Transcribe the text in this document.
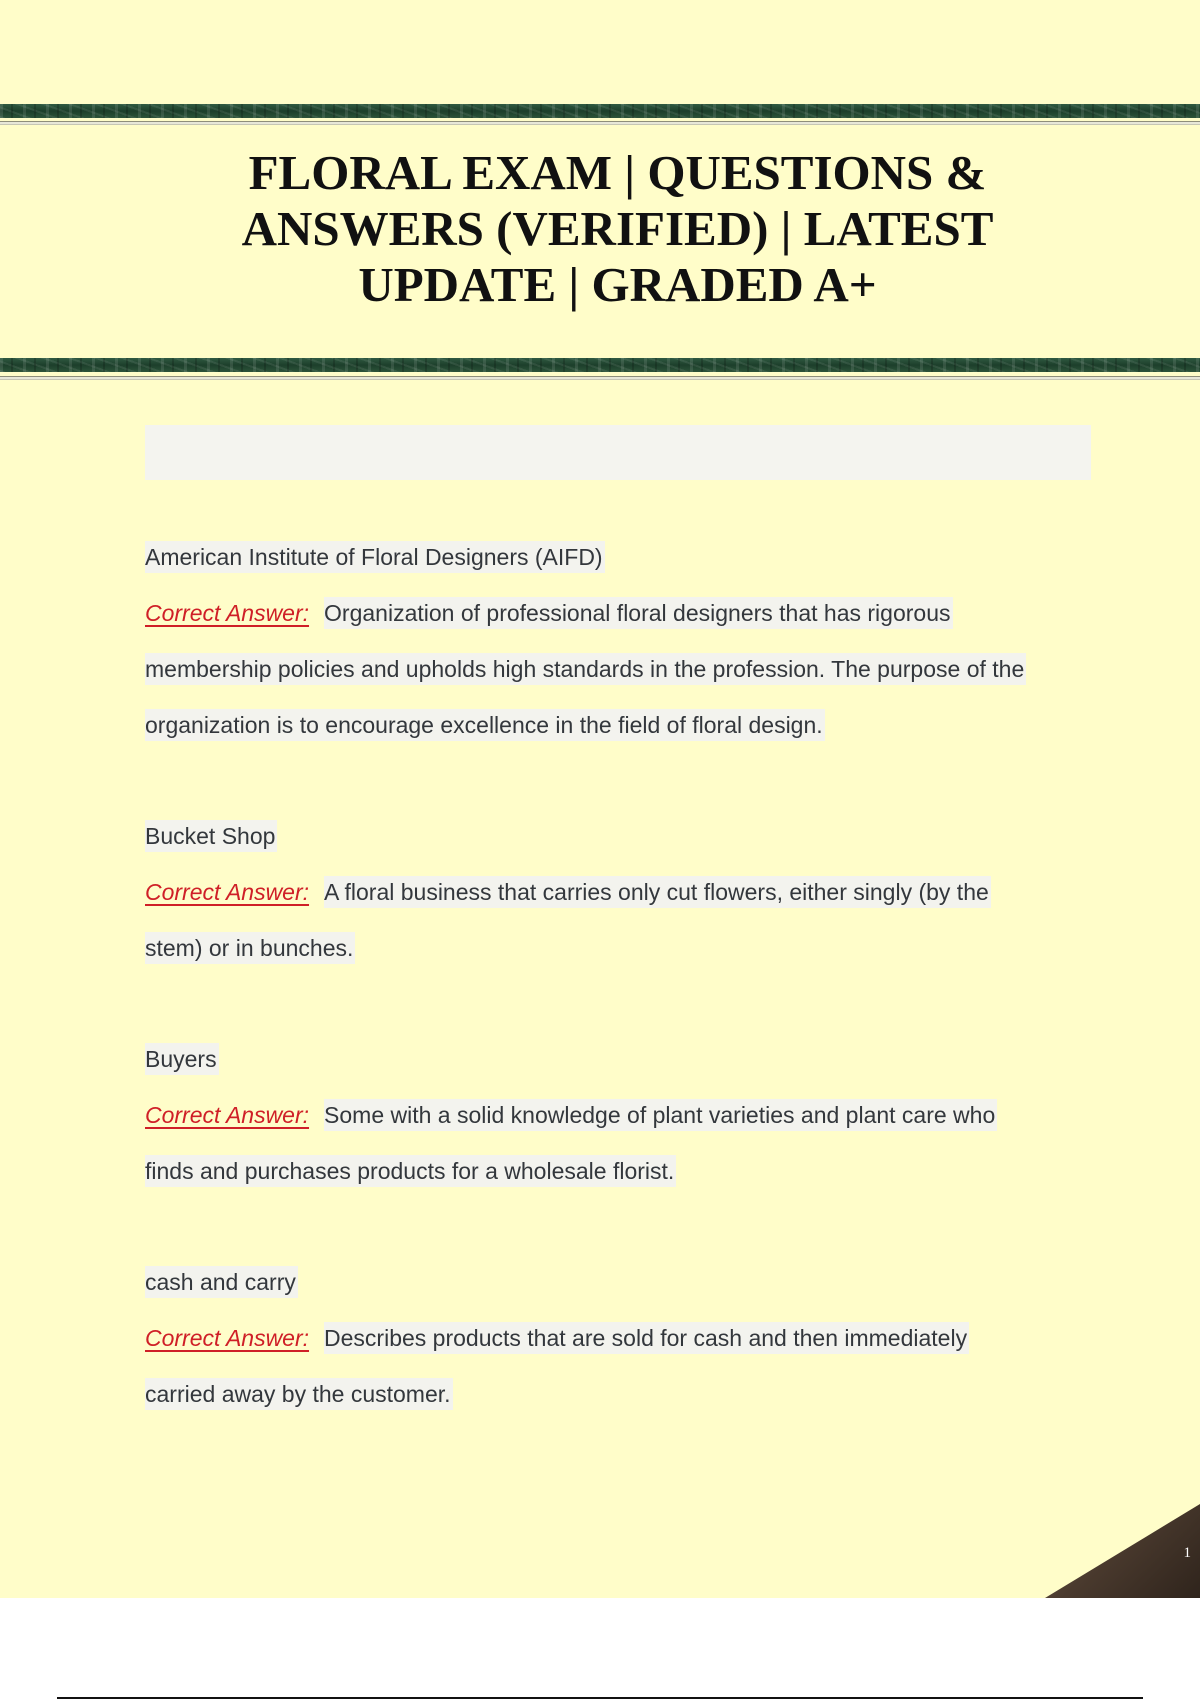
FLORAL EXAM | QUESTIONS & ANSWERS (VERIFIED) | LATEST UPDATE | GRADED A+
American Institute of Floral Designers (AIFD)
Correct Answer: Organization of professional floral designers that has rigorous
membership policies and upholds high standards in the profession. The purpose of the
organization is to encourage excellence in the field of floral design.
Bucket Shop
Correct Answer: A floral business that carries only cut flowers, either singly (by the
stem) or in bunches.
Buyers
Correct Answer: Some with a solid knowledge of plant varieties and plant care who
finds and purchases products for a wholesale florist.
cash and carry
Correct Answer: Describes products that are sold for cash and then immediately
carried away by the customer.
1
